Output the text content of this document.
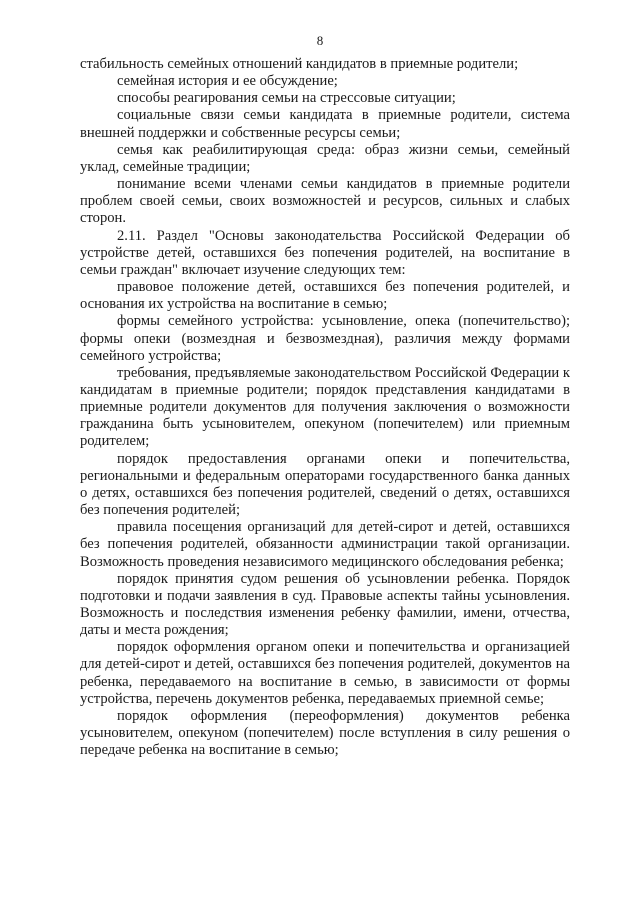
8

стабильность семейных отношений кандидатов в приемные родители;

семейная история и ее обсуждение;

способы реагирования семьи на стрессовые ситуации;

социальные связи семьи кандидата в приемные родители, система внешней поддержки и собственные ресурсы семьи;

семья как реабилитирующая среда: образ жизни семьи, семейный уклад, семейные традиции;

понимание всеми членами семьи кандидатов в приемные родители проблем своей семьи, своих возможностей и ресурсов, сильных и слабых сторон.

2.11. Раздел "Основы законодательства Российской Федерации об устройстве детей, оставшихся без попечения родителей, на воспитание в семьи граждан" включает изучение следующих тем:

правовое положение детей, оставшихся без попечения родителей, и основания их устройства на воспитание в семью;

формы семейного устройства: усыновление, опека (попечительство); формы опеки (возмездная и безвозмездная), различия между формами семейного устройства;

требования, предъявляемые законодательством Российской Федерации к кандидатам в приемные родители; порядок представления кандидатами в приемные родители документов для получения заключения о возможности гражданина быть усыновителем, опекуном (попечителем) или приемным родителем;

порядок предоставления органами опеки и попечительства, региональными и федеральным операторами государственного банка данных о детях, оставшихся без попечения родителей, сведений о детях, оставшихся без попечения родителей;

правила посещения организаций для детей-сирот и детей, оставшихся

без попечения родителей, обязанности администрации такой организации. Возможность проведения независимого медицинского обследования ребенка;

порядок принятия судом решения об усыновлении ребенка. Порядок подготовки и подачи заявления в суд. Правовые аспекты тайны усыновления. Возможность и последствия изменения ребенку фамилии, имени, отчества, даты и места рождения;

порядок оформления органом опеки и попечительства и организацией для детей-сирот и детей, оставшихся без попечения родителей, документов на ребенка, передаваемого на воспитание в семью, в зависимости от формы устройства, перечень документов ребенка, передаваемых приемной семье;

порядок оформления (переоформления) документов ребенка усыновителем, опекуном (попечителем) после вступления в силу решения о передаче ребенка на воспитание в семью;
